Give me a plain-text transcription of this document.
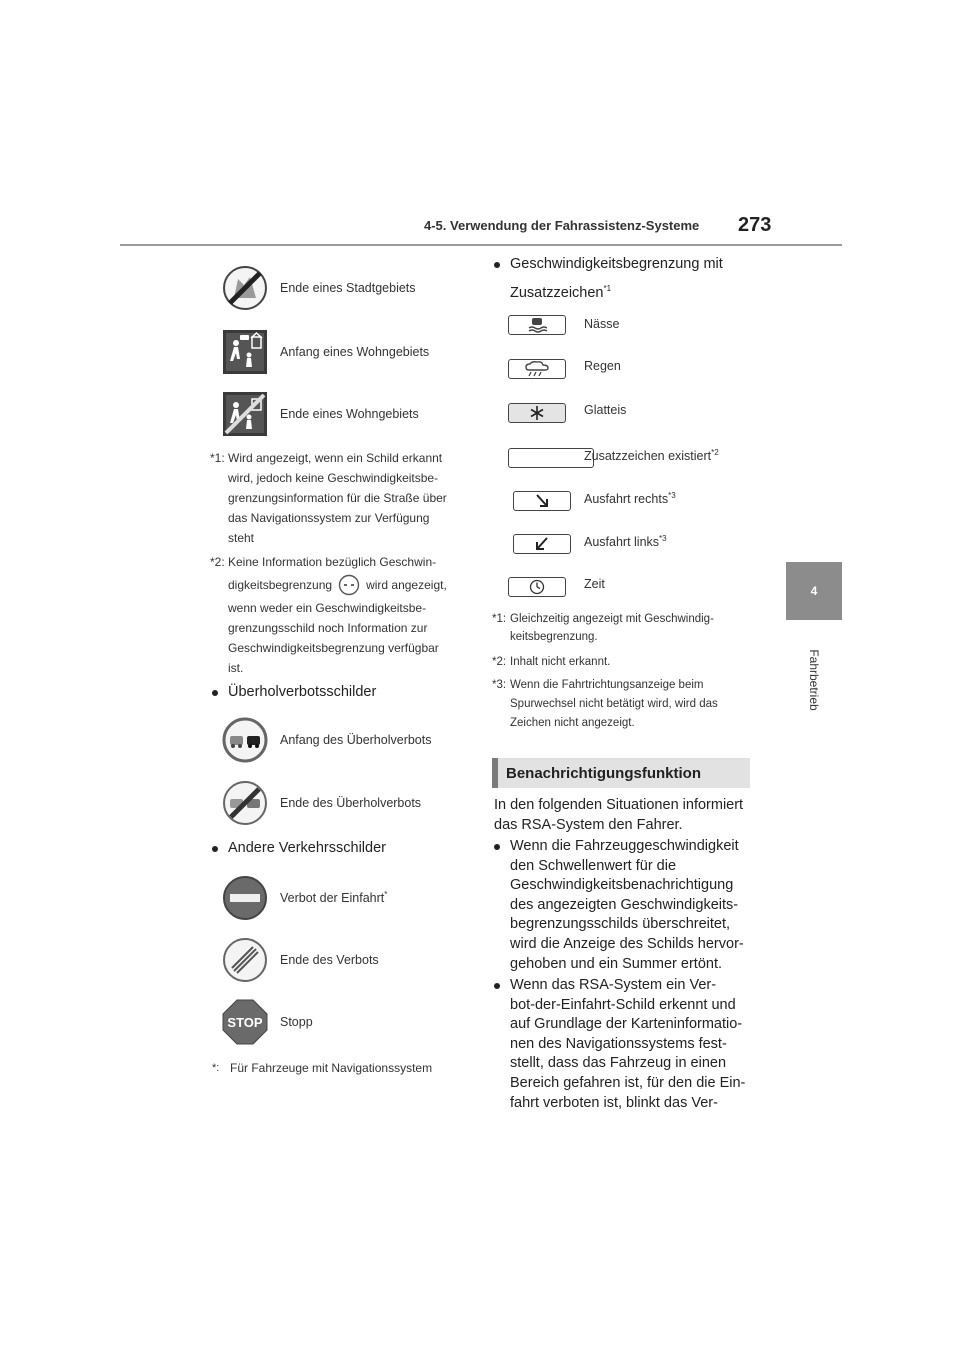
4-5. Verwendung der Fahrassistenz-Systeme 273
4
Fahrbetrieb
Ende eines Stadtgebiets
Anfang eines Wohngebiets
Ende eines Wohngebiets
*1: Wird angezeigt, wenn ein Schild erkannt
wird, jedoch keine Geschwindigkeitsbe-
grenzungsinformation für die Straße über
das Navigationssystem zur Verfügung
steht
*2: Keine Information bezüglich Geschwin-
digkeitsbegrenzung	wird angezeigt,
wenn weder ein Geschwindigkeitsbe-
grenzungsschild noch Information zur
Geschwindigkeitsbegrenzung verfügbar
ist.
Überholverbotsschilder
Anfang des Überholverbots
Ende des Überholverbots
Andere Verkehrsschilder
Verbot der Einfahrt*
Ende des Verbots
STOP Stopp
*: Für Fahrzeuge mit Navigationssystem
Geschwindigkeitsbegrenzung mit
Zusatzzeichen$^{*1}$
Nässe
Regen
Glatteis
Zusatzzeichen existiert$^{*2}$
Ausfahrt rechts$^{*3}$
Ausfahrt links$^{*3}$
Zeit
*1: Gleichzeitig angezeigt mit Geschwindig-
keitsbegrenzung.
*2: Inhalt nicht erkannt.
*3: Wenn die Fahrtrichtungsanzeige beim
Spurwechsel nicht betätigt wird, wird das
Zeichen nicht angezeigt.
Benachrichtigungsfunktion
In den folgenden Situationen informiert
das RSA-System den Fahrer.
Wenn die Fahrzeuggeschwindigkeit
den Schwellenwert für die
Geschwindigkeitsbenachrichtigung
des angezeigten Geschwindigkeits-
begrenzungsschilds überschreitet,
wird die Anzeige des Schilds hervor-
gehoben und ein Summer ertönt.
Wenn das RSA-System ein Ver-
bot-der-Einfahrt-Schild erkennt und
auf Grundlage der Karteninformatio-
nen des Navigationssystems fest-
stellt, dass das Fahrzeug in einen
Bereich gefahren ist, für den die Ein-
fahrt verboten ist, blinkt das Ver-
